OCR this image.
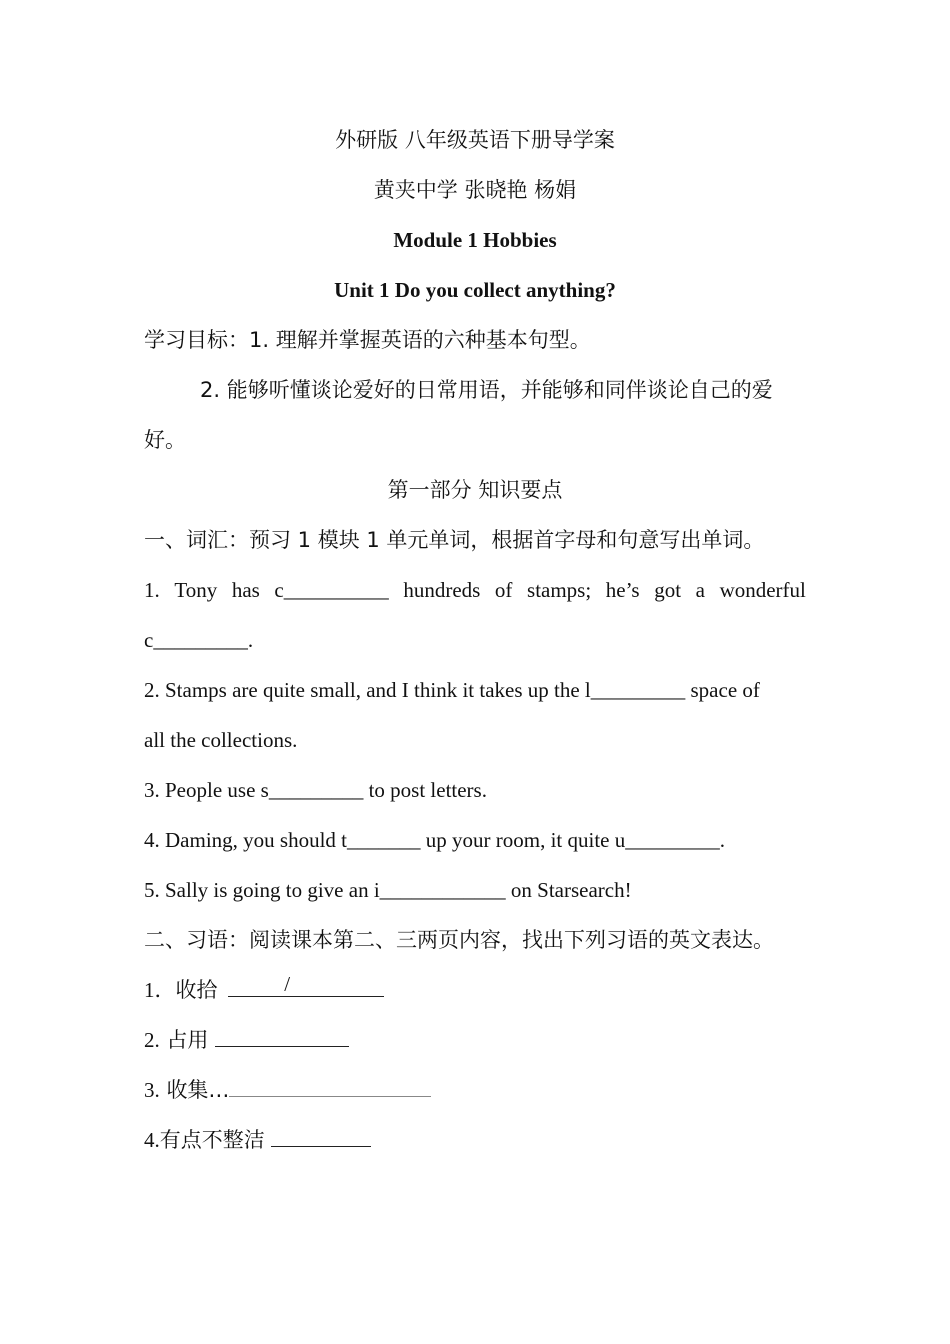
外研版 八年级英语下册导学案
黄夹中学 张晓艳 杨娟
Module 1 Hobbies
Unit 1 Do you collect anything?
学习目标：1. 理解并掌握英语的六种基本句型。
2. 能够听懂谈论爱好的日常用语，并能够和同伴谈论自己的爱
好。
第一部分 知识要点
一、词汇：预习 1 模块 1 单元单词，根据首字母和句意写出单词。
1. Tony has c__________ hundreds of stamps; he’s got a wonderful
c_________.
2. Stamps are quite small, and I think it takes up the l_________ space of
all the collections.
3. People use s_________ to post letters.
4. Daming, you should t_______ up your room, it quite u_________.
5. Sally is going to give an i____________ on Starsearch!
二、习语：阅读课本第二、三两页内容，找出下列习语的英文表达。
1．收拾	/
2. 占用
3. 收集…
4.有点不整洁
